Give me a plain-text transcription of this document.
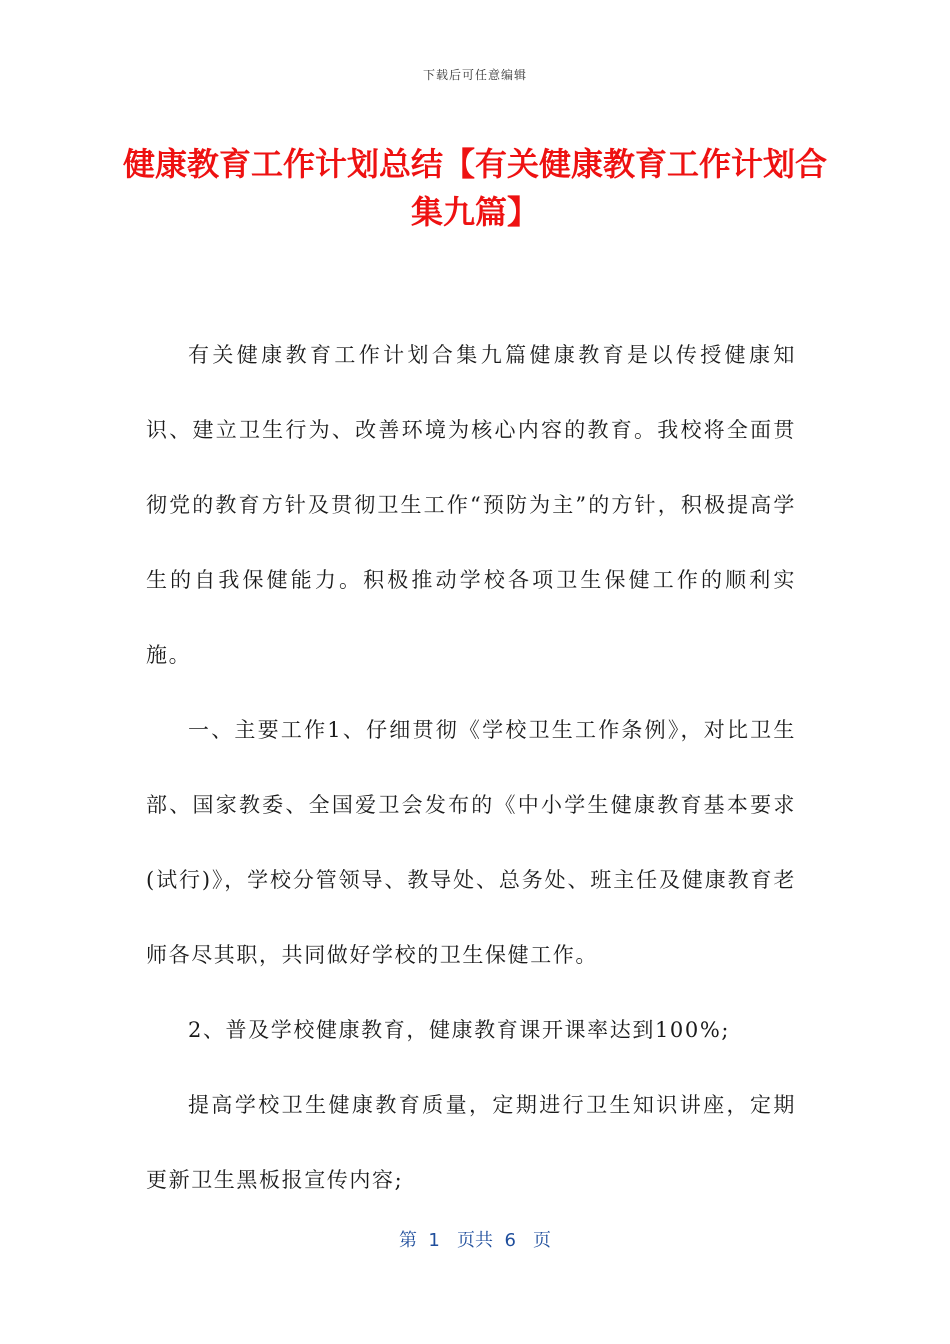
下载后可任意编辑
健康教育工作计划总结【有关健康教育工作计划合集九篇】

有关健康教育工作计划合集九篇健康教育是以传授健康知识、建立卫生行为、改善环境为核心内容的教育。我校将全面贯彻党的教育方针及贯彻卫生工作“预防为主”的方针，积极提高学生的自我保健能力。积极推动学校各项卫生保健工作的顺利实施。

一、主要工作1、仔细贯彻《学校卫生工作条例》，对比卫生部、国家教委、全国爱卫会发布的《中小学生健康教育基本要求(试行)》，学校分管领导、教导处、总务处、班主任及健康教育老师各尽其职，共同做好学校的卫生保健工作。

2、普及学校健康教育，健康教育课开课率达到100%;

提高学校卫生健康教育质量，定期进行卫生知识讲座，定期更新卫生黑板报宣传内容;

第  1   页共  6   页
